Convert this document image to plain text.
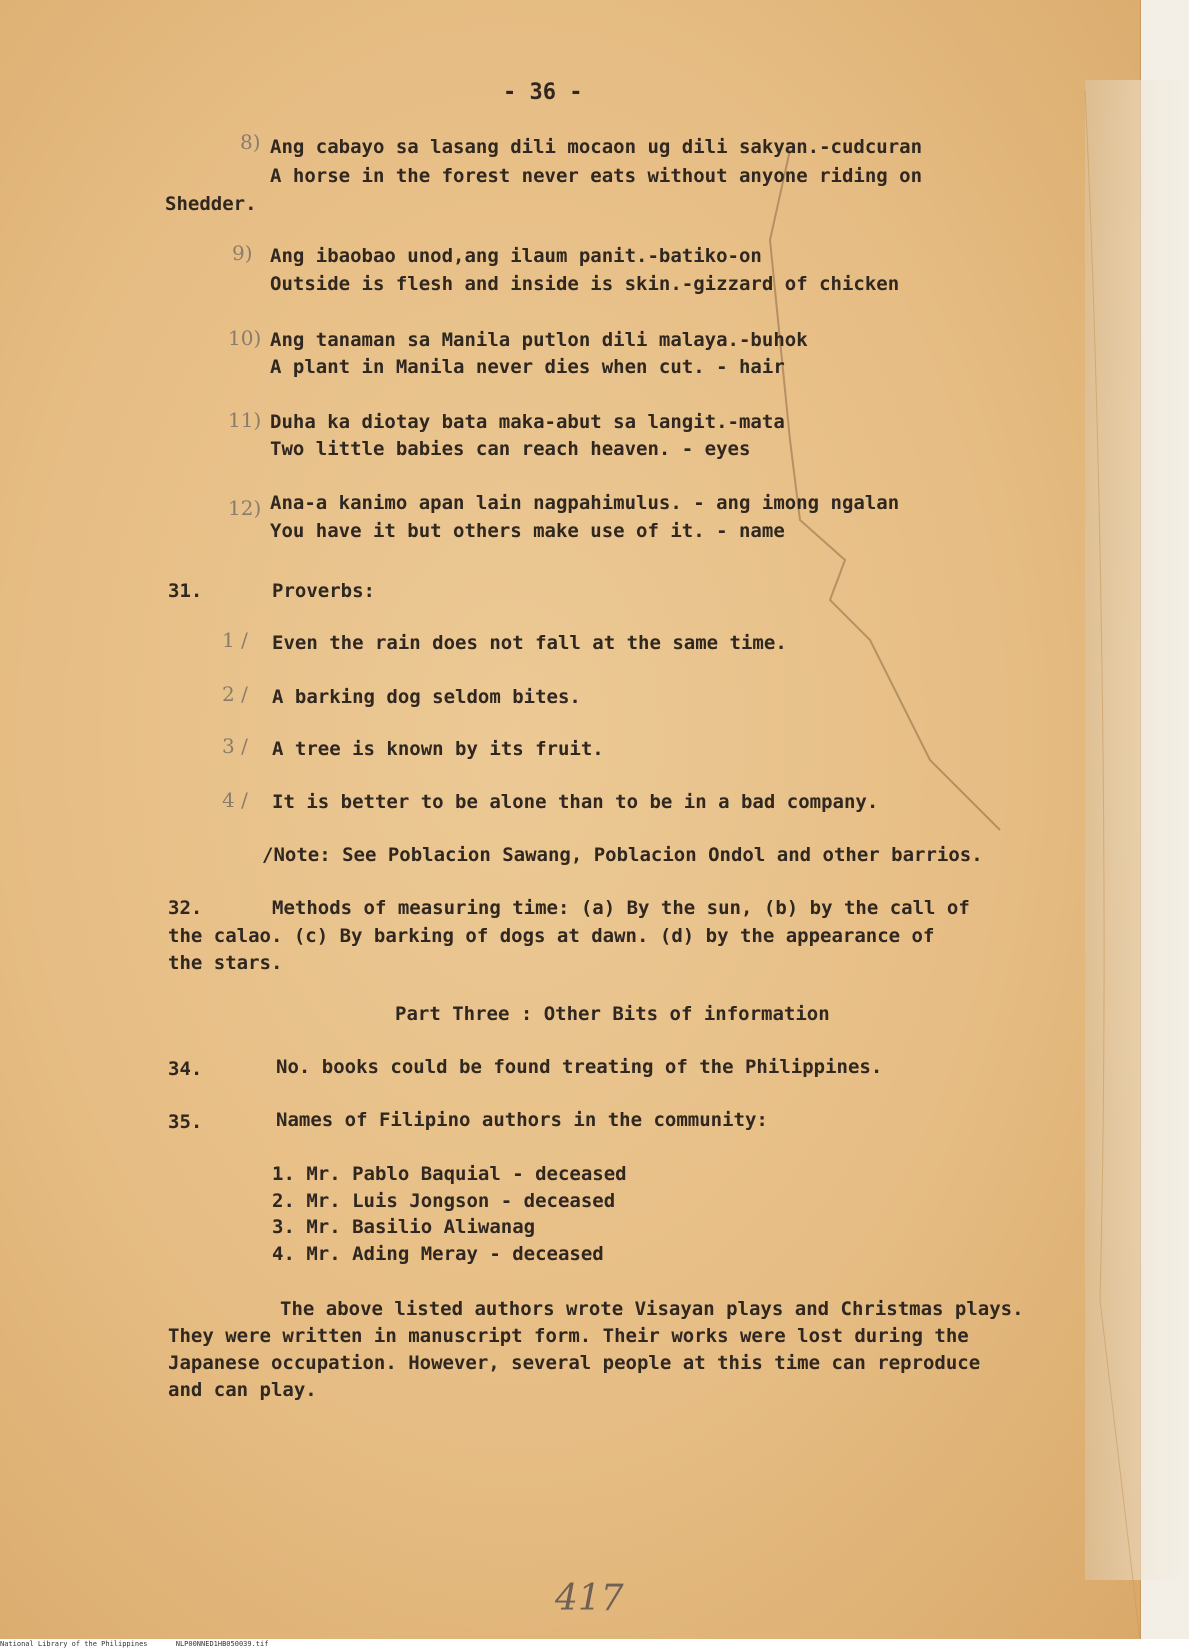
- 36 -
8) Ang cabayo sa lasang dili mocaon ug dili sakyan.-cudcuran
A horse in the forest never eats without anyone riding on
Shedder.
9) Ang ibaobao unod,ang ilaum panit.-batiko-on
Outside is flesh and inside is skin.-gizzard of chicken
10) Ang tanaman sa Manila putlon dili malaya.-buhok
A plant in Manila never dies when cut. - hair
11) Duha ka diotay bata maka-abut sa langit.-mata
Two little babies can reach heaven. - eyes
12) Ana-a kanimo apan lain nagpahimulus. - ang imong ngalan
You have it but others make use of it. - name
31.	Proverbs:
1 / Even the rain does not fall at the same time.
2 / A barking dog seldom bites.
3 / A tree is known by its fruit.
4 / It is better to be alone than to be in a bad company.
/Note: See Poblacion Sawang, Poblacion Ondol and other barrios.
32.	Methods of measuring time: (a) By the sun, (b) by the call of
the calao. (c) By barking of dogs at dawn. (d) by the appearance of
the stars.
Part Three : Other Bits of information
34.	No. books could be found treating of the Philippines.
35.	Names of Filipino authors in the community:
1. Mr. Pablo Baquial - deceased
2. Mr. Luis Jongson - deceased
3. Mr. Basilio Aliwanag
4. Mr. Ading Meray - deceased
The above listed authors wrote Visayan plays and Christmas plays.
They were written in manuscript form. Their works were lost during the
Japanese occupation. However, several people at this time can reproduce
and can play.
417
National Library of the Philippines	NLP00NNED1HB050039.tif
